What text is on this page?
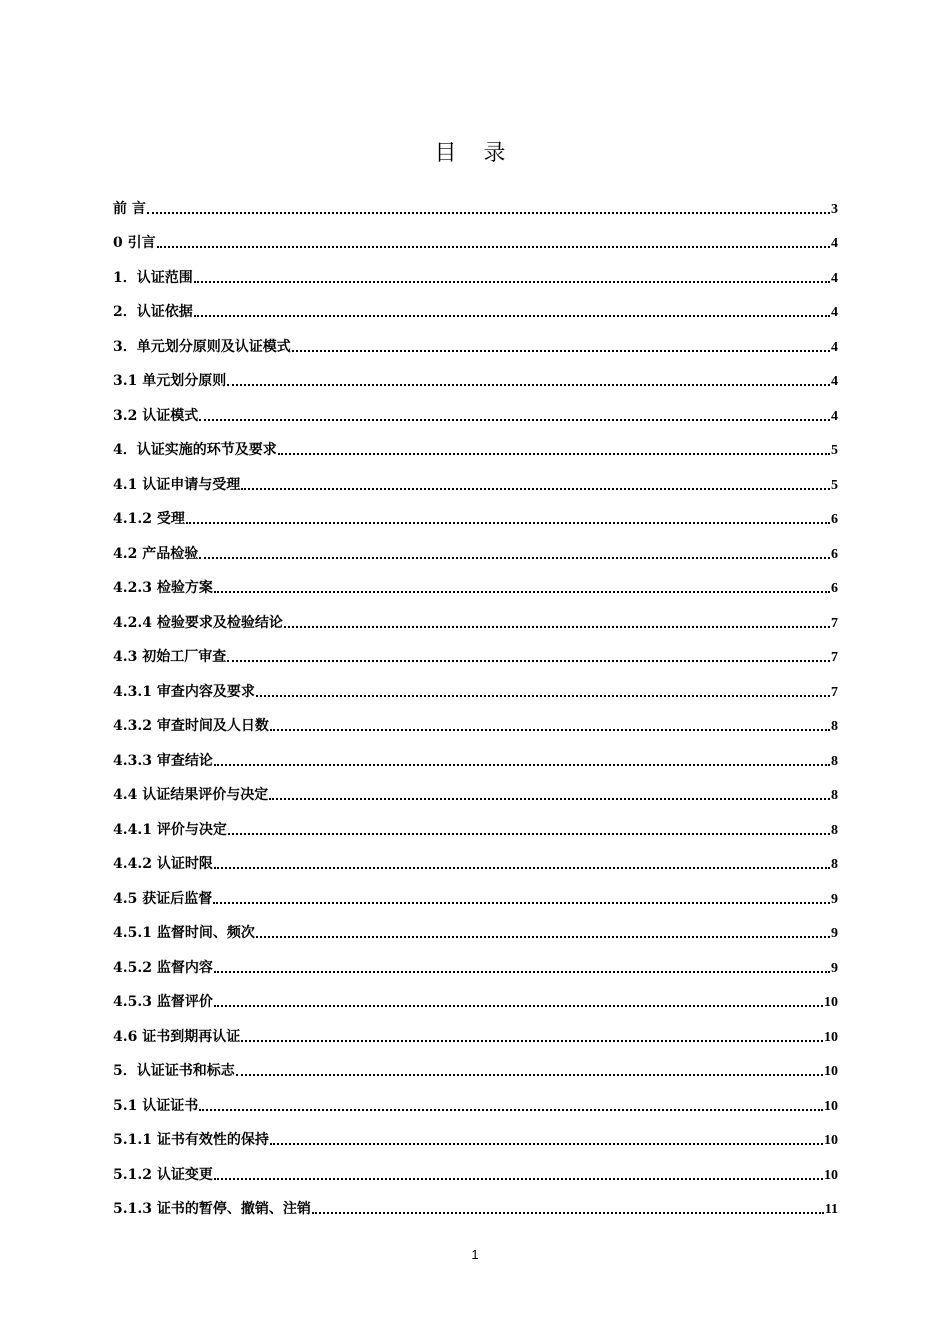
目 录
前 言	3
0 引言	4
1．认证范围	4
2．认证依据	4
3．单元划分原则及认证模式	4
3.1 单元划分原则	4
3.2 认证模式	4
4．认证实施的环节及要求	5
4.1 认证申请与受理	5
4.1.2 受理	6
4.2 产品检验	6
4.2.3 检验方案	6
4.2.4 检验要求及检验结论	7
4.3 初始工厂审查	7
4.3.1 审查内容及要求	7
4.3.2 审查时间及人日数	8
4.3.3 审查结论	8
4.4 认证结果评价与决定	8
4.4.1 评价与决定	8
4.4.2 认证时限	8
4.5 获证后监督	9
4.5.1 监督时间、频次	9
4.5.2 监督内容	9
4.5.3 监督评价	10
4.6 证书到期再认证	10
5．认证证书和标志	10
5.1 认证证书	10
5.1.1 证书有效性的保持	10
5.1.2 认证变更	10
5.1.3 证书的暂停、撤销、注销	11
1
